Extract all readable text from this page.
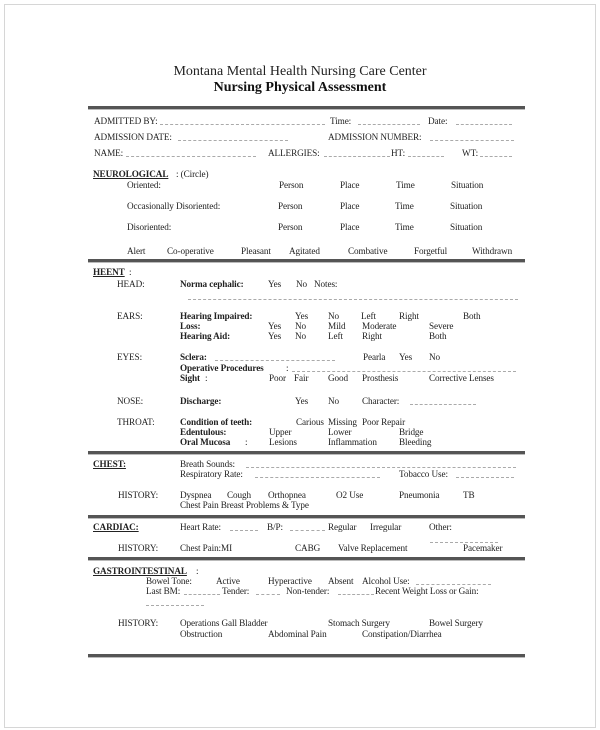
Montana Mental Health Nursing Care Center
Nursing Physical Assessment
ADMITTED BY:	Time:	Date:
ADMISSION DATE:	ADMISSION NUMBER:
NAME:	ALLERGIES:	HT:	WT:
NEUROLOGICAL : (Circle)
Oriented:	Person	Place	Time	Situation
Occasionally Disoriented:	Person	Place	Time	Situation
Disoriented:	Person	Place	Time	Situation
Alert Co-operative	Pleasant Agitated	Combative	Forgetful	Withdrawn
HEENT :
HEAD:	Norma cephalic:	Yes No Notes:
EARS:	Hearing Impaired:	Yes No Left	Right	Both
Loss:	Yes No Mild Moderate	Severe
Hearing Aid:	Yes No Left Right	Both
EYES:	Sclera:	Pearla Yes No
Operative Procedures :
Sight :	Poor Fair Good Prosthesis	Corrective Lenses
NOSE:	Discharge:	Yes No Character:
THROAT:	Condition of teeth:	Carious Missing Poor Repair
Edentulous:	Upper	Lower	Bridge
Oral Mucosa : Lesions	Inflammation Bleeding
CHEST:	Breath Sounds:
Respiratory Rate:	Tobacco Use:
HISTORY: Dyspnea Cough Orthopnea	O2 Use	Pneumonia	TB
Chest Pain Breast Problems & Type
CARDIAC:	Heart Rate:	B/P:	Regular Irregular	Other:
HISTORY: Chest Pain:MI	CABG Valve Replacement	Pacemaker
GASTROINTESTINAL :
Bowel Tone:	Active	Hyperactive Absent Alcohol Use:
Last BM:	Tender:	Non-tender:	Recent Weight Loss or Gain:
HISTORY: Operations Gall Bladder	Stomach Surgery	Bowel Surgery
Obstruction	Abdominal Pain	Constipation/Diarrhea
